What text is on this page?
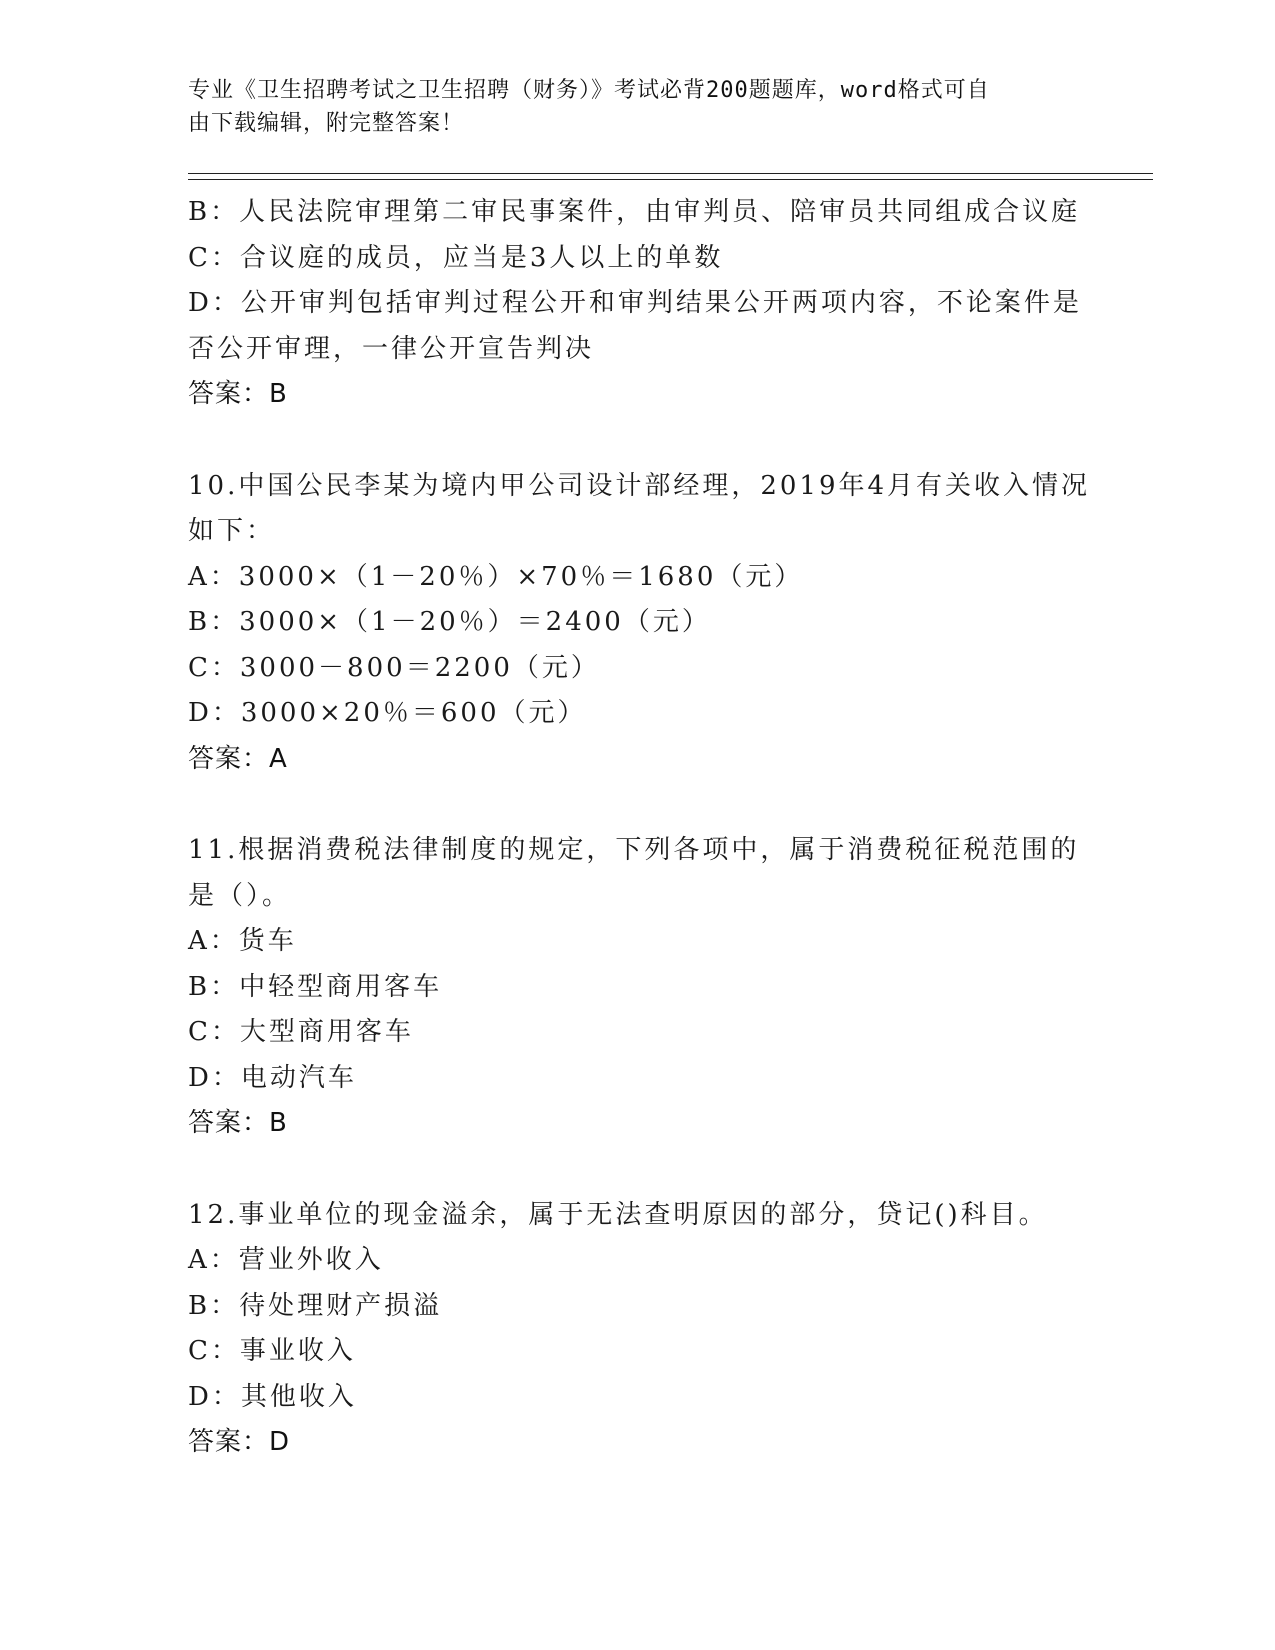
专业《卫生招聘考试之卫生招聘（财务）》考试必背200题题库，word格式可自
由下载编辑，附完整答案！
B：人民法院审理第二审民事案件，由审判员、陪审员共同组成合议庭
C：合议庭的成员，应当是3人以上的单数
D：公开审判包括审判过程公开和审判结果公开两项内容，不论案件是
否公开审理，一律公开宣告判决
答案：B
10.中国公民李某为境内甲公司设计部经理，2019年4月有关收入情况
如下：
A：3000×（1－20％）×70％＝1680（元）
B：3000×（1－20％）＝2400（元）
C：3000－800＝2200（元）
D：3000×20％＝600（元）
答案：A
11.根据消费税法律制度的规定，下列各项中，属于消费税征税范围的
是（）。
A：货车
B：中轻型商用客车
C：大型商用客车
D：电动汽车
答案：B
12.事业单位的现金溢余，属于无法查明原因的部分，贷记()科目。
A：营业外收入
B：待处理财产损溢
C：事业收入
D：其他收入
答案：D
